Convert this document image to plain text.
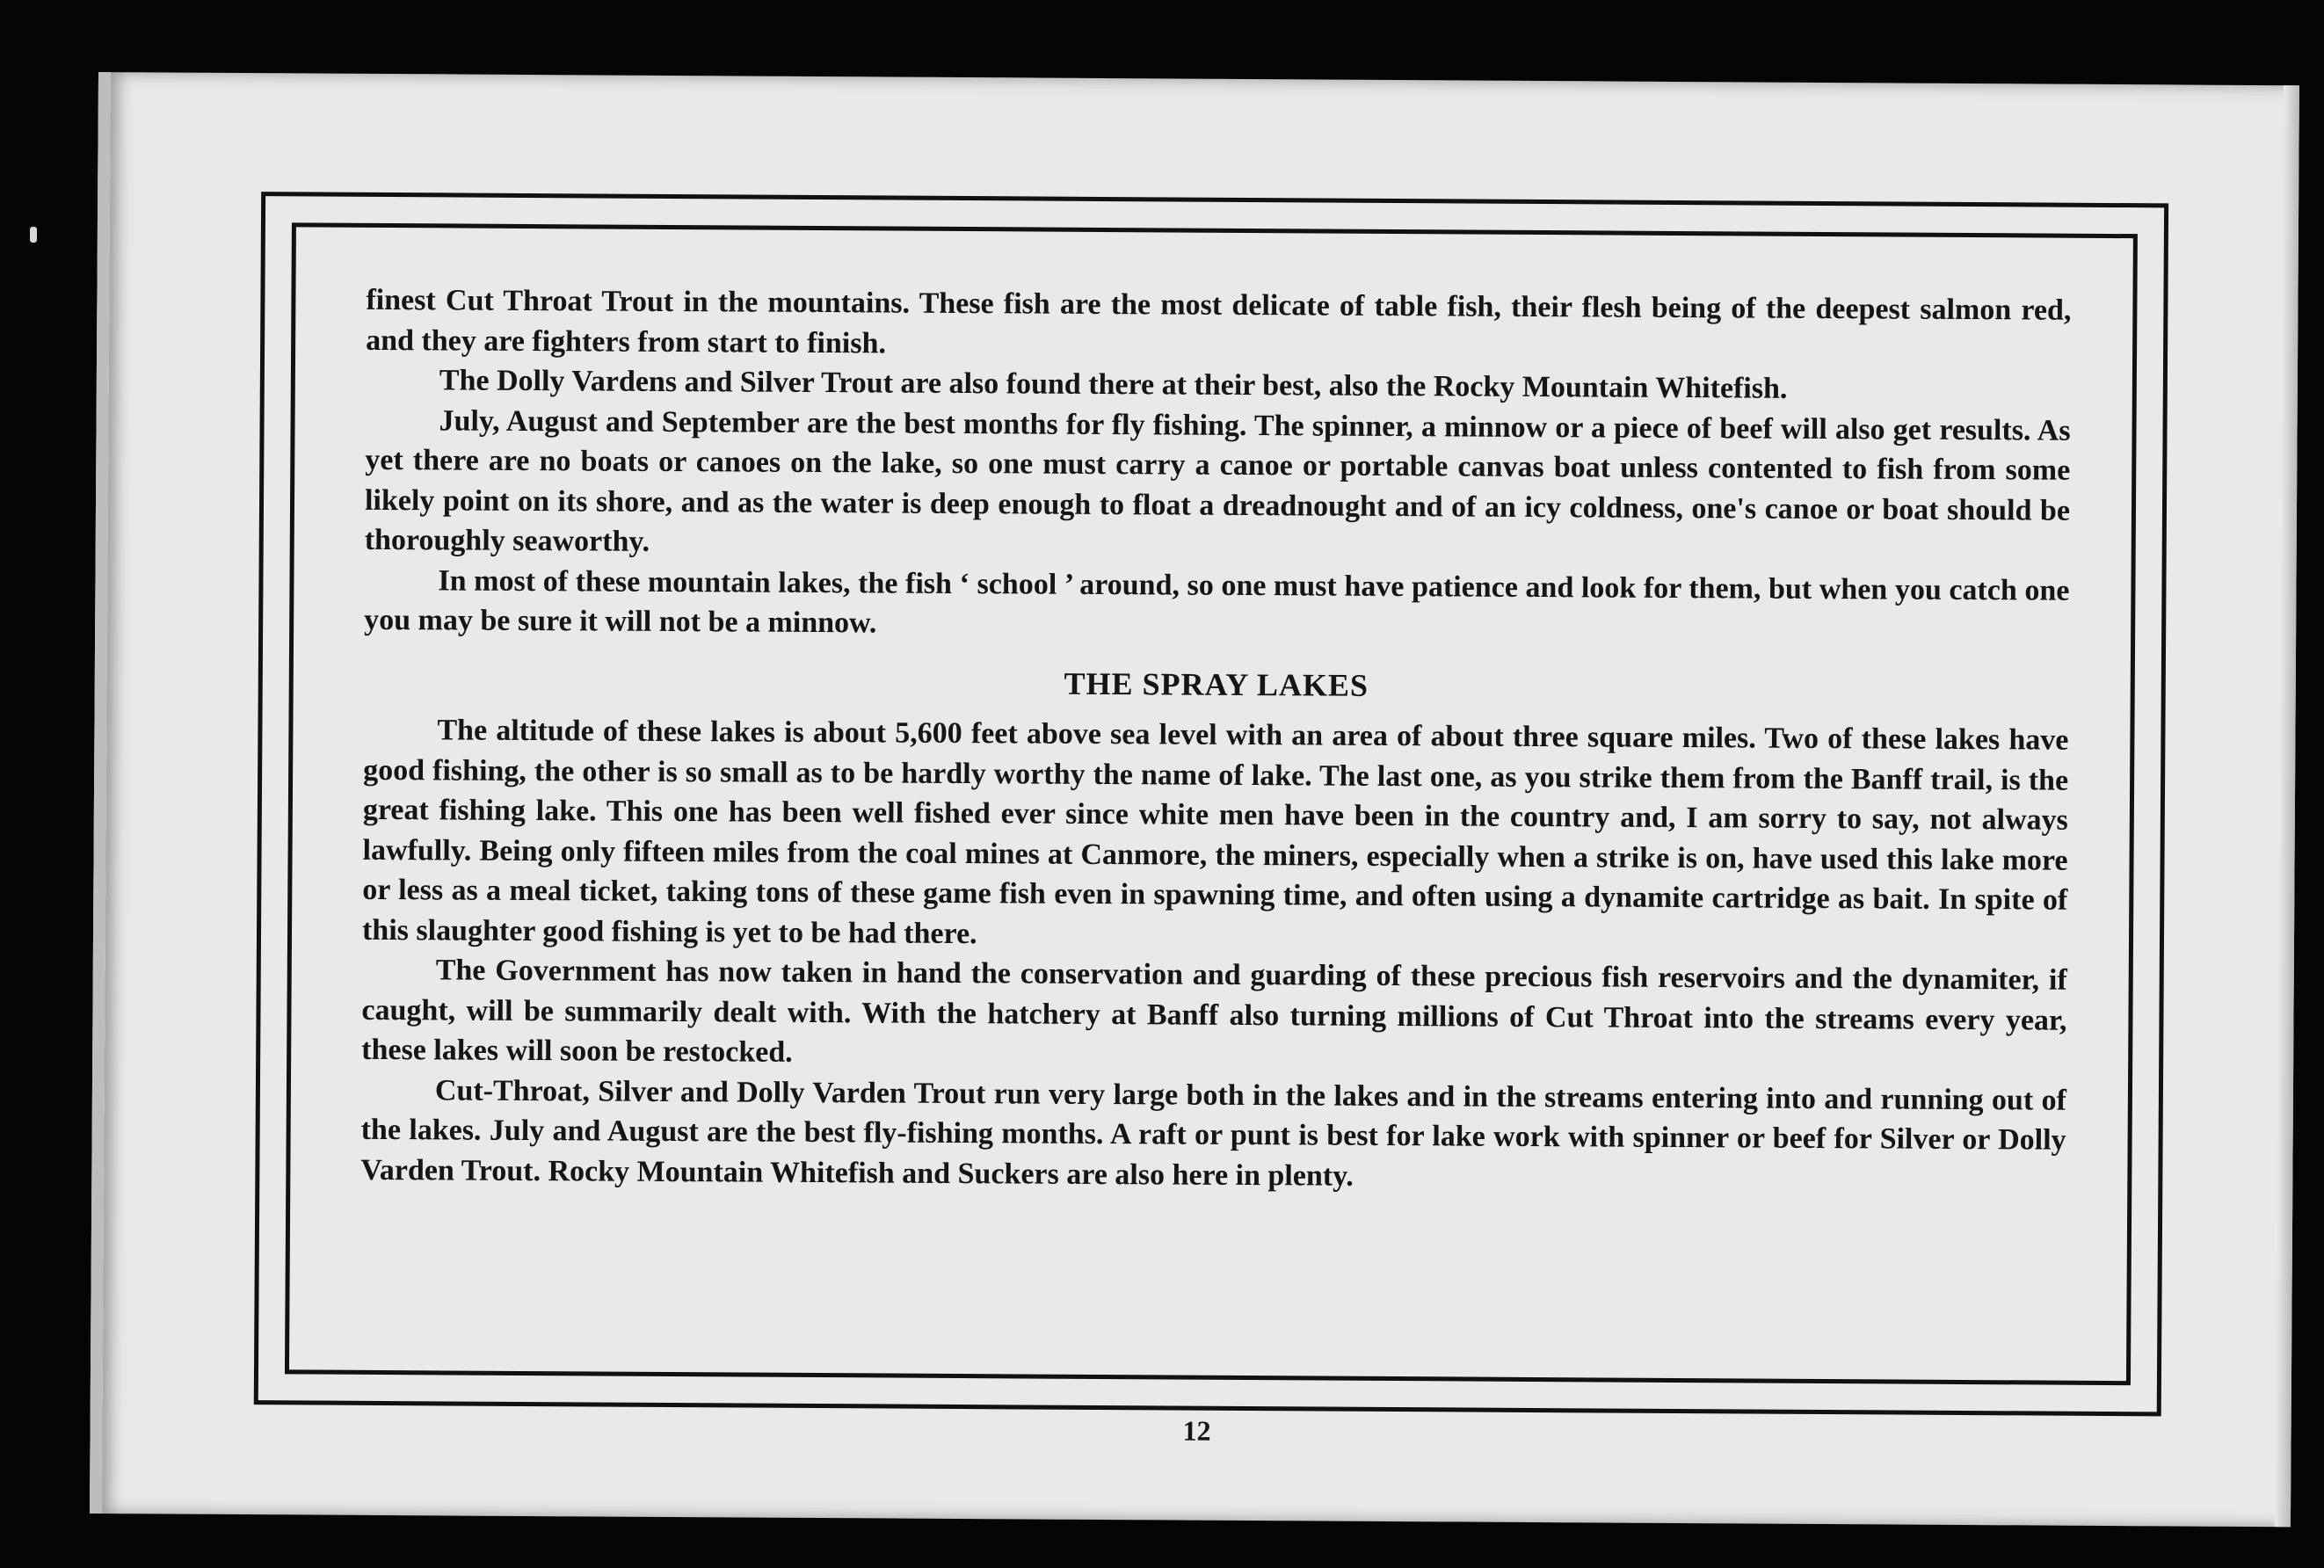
finest Cut Throat Trout in the mountains. These fish are the most delicate of table fish, their flesh being of the deepest salmon red, and they are fighters from start to finish.

The Dolly Vardens and Silver Trout are also found there at their best, also the Rocky Mountain Whitefish.

July, August and September are the best months for fly fishing. The spinner, a minnow or a piece of beef will also get results. As yet there are no boats or canoes on the lake, so one must carry a canoe or portable canvas boat unless contented to fish from some likely point on its shore, and as the water is deep enough to float a dreadnought and of an icy coldness, one's canoe or boat should be thoroughly seaworthy.

In most of these mountain lakes, the fish ‘ school ’ around, so one must have patience and look for them, but when you catch one you may be sure it will not be a minnow.

THE SPRAY LAKES

The altitude of these lakes is about 5,600 feet above sea level with an area of about three square miles. Two of these lakes have good fishing, the other is so small as to be hardly worthy the name of lake. The last one, as you strike them from the Banff trail, is the great fishing lake. This one has been well fished ever since white men have been in the country and, I am sorry to say, not always lawfully. Being only fifteen miles from the coal mines at Canmore, the miners, especially when a strike is on, have used this lake more or less as a meal ticket, taking tons of these game fish even in spawning time, and often using a dynamite cartridge as bait. In spite of this slaughter good fishing is yet to be had there.

The Government has now taken in hand the conservation and guarding of these precious fish reservoirs and the dynamiter, if caught, will be summarily dealt with. With the hatchery at Banff also turning millions of Cut Throat into the streams every year, these lakes will soon be restocked.

Cut-Throat, Silver and Dolly Varden Trout run very large both in the lakes and in the streams entering into and running out of the lakes. July and August are the best fly-fishing months. A raft or punt is best for lake work with spinner or beef for Silver or Dolly Varden Trout. Rocky Mountain Whitefish and Suckers are also here in plenty.

12
